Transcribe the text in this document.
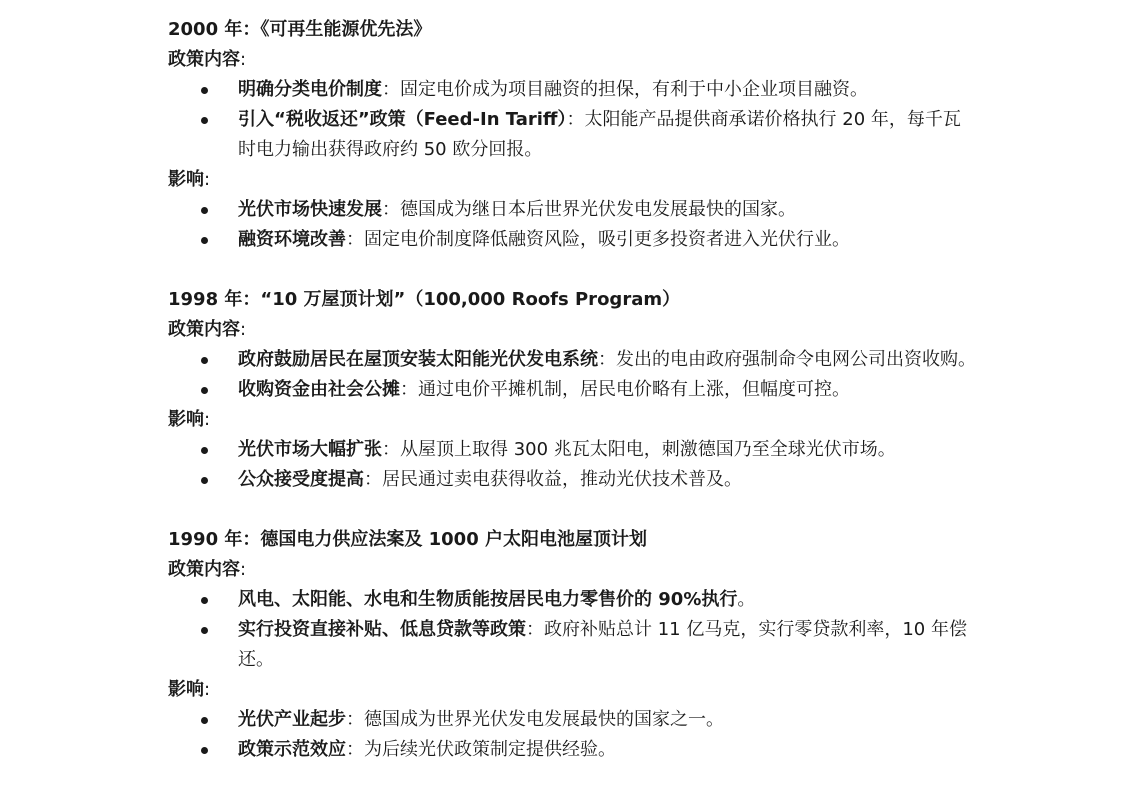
2000 年：《可再生能源优先法》
政策内容:
明确分类电价制度：固定电价成为项目融资的担保，有利于中小企业项目融资。
引入“税收返还”政策（Feed-In Tariff）：太阳能产品提供商承诺价格执行 20 年，每千瓦时电力输出获得政府约 50 欧分回报。
影响:
光伏市场快速发展：德国成为继日本后世界光伏发电发展最快的国家。
融资环境改善：固定电价制度降低融资风险，吸引更多投资者进入光伏行业。
1998 年：“10 万屋顶计划”（100,000 Roofs Program）
政策内容:
政府鼓励居民在屋顶安装太阳能光伏发电系统：发出的电由政府强制命令电网公司出资收购。
收购资金由社会公摊：通过电价平摊机制，居民电价略有上涨，但幅度可控。
影响:
光伏市场大幅扩张：从屋顶上取得 300 兆瓦太阳电，刺激德国乃至全球光伏市场。
公众接受度提高：居民通过卖电获得收益，推动光伏技术普及。
1990 年：德国电力供应法案及 1000 户太阳电池屋顶计划
政策内容:
风电、太阳能、水电和生物质能按居民电力零售价的 90%执行。
实行投资直接补贴、低息贷款等政策：政府补贴总计 11 亿马克，实行零贷款利率，10 年偿还。
影响:
光伏产业起步：德国成为世界光伏发电发展最快的国家之一。
政策示范效应：为后续光伏政策制定提供经验。
